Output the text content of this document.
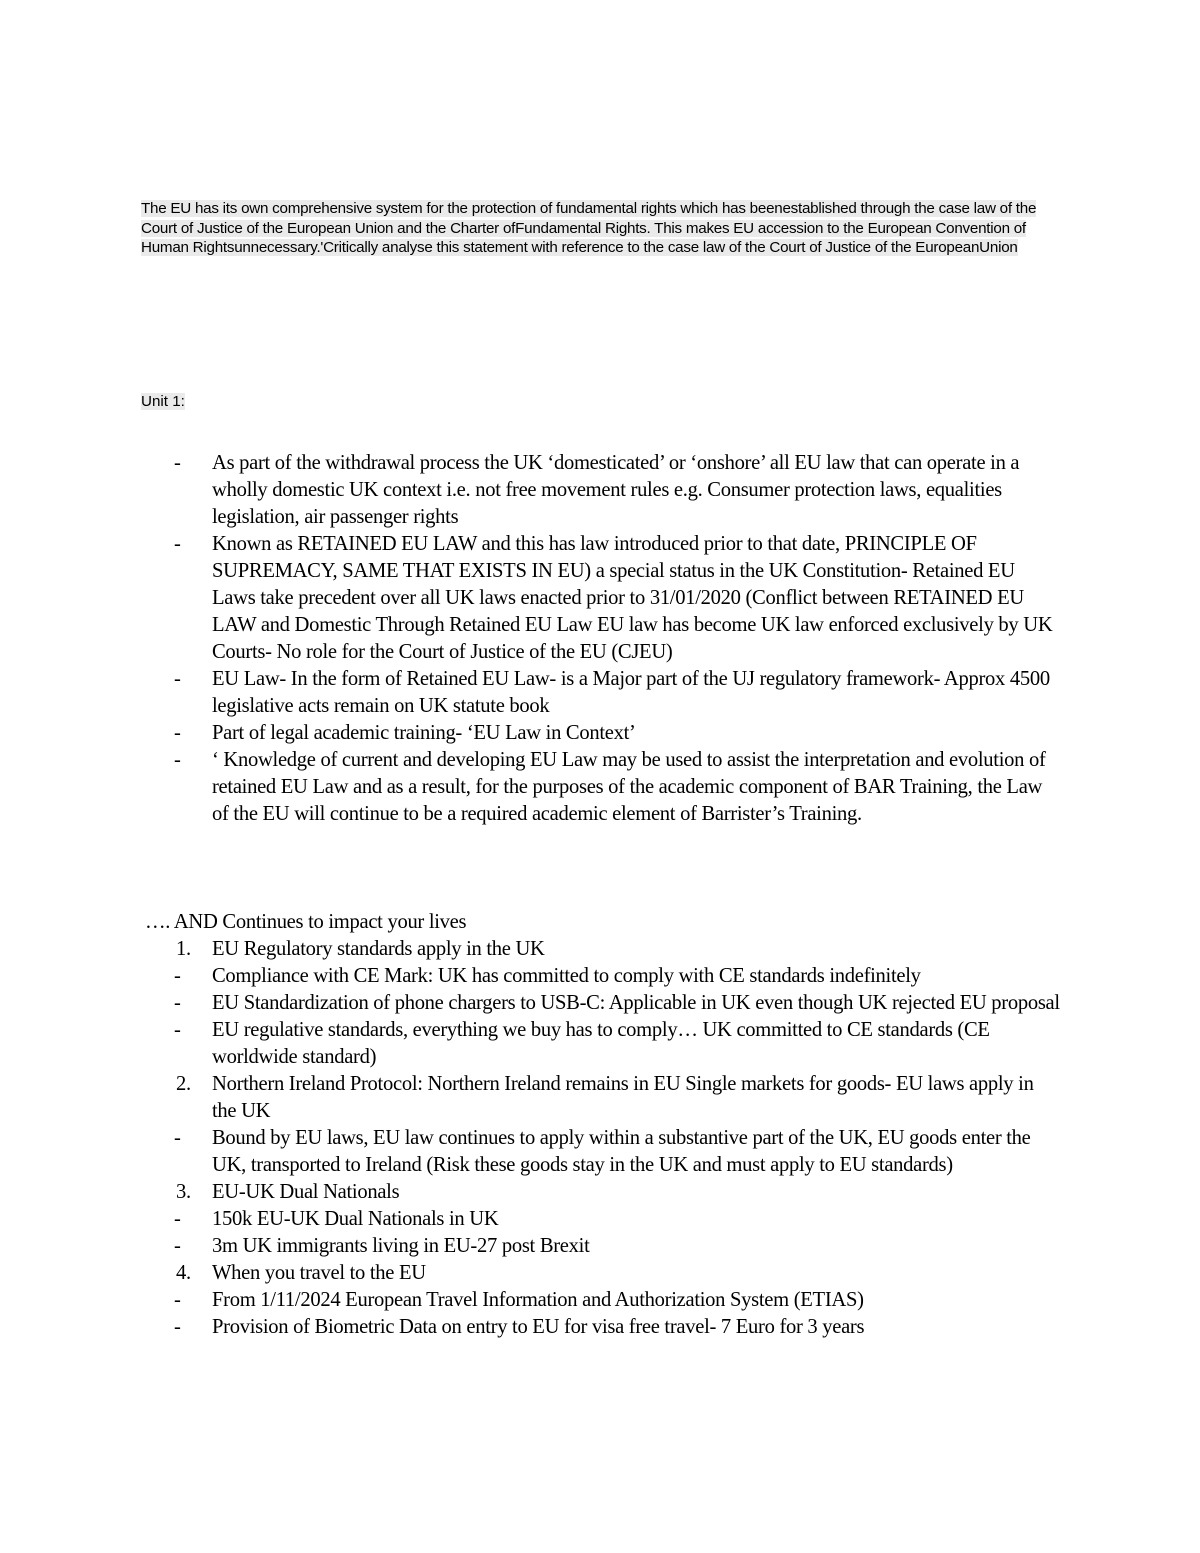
The EU has its own comprehensive system for the protection of fundamental rights which has beenestablished through the case law of the Court of Justice of the European Union and the Charter ofFundamental Rights. This makes EU accession to the European Convention of Human Rightsunnecessary.'Critically analyse this statement with reference to the case law of the Court of Justice of the EuropeanUnion
Unit 1:
-	As part of the withdrawal process the UK ‘domesticated’ or ‘onshore’ all EU law that can operate in a wholly domestic UK context i.e. not free movement rules e.g. Consumer protection laws, equalities legislation, air passenger rights
-	Known as RETAINED EU LAW and this has law introduced prior to that date, PRINCIPLE OF SUPREMACY, SAME THAT EXISTS IN EU) a special status in the UK Constitution- Retained EU Laws take precedent over all UK laws enacted prior to 31/01/2020 (Conflict between RETAINED EU LAW and Domestic Through Retained EU Law EU law has become UK law enforced exclusively by UK Courts- No role for the Court of Justice of the EU (CJEU)
-	EU Law- In the form of Retained EU Law- is a Major part of the UJ regulatory framework- Approx 4500 legislative acts remain on UK statute book
-	Part of legal academic training- ‘EU Law in Context’
-	‘ Knowledge of current and developing EU Law may be used to assist the interpretation and evolution of retained EU Law and as a result, for the purposes of the academic component of BAR Training, the Law of the EU will continue to be a required academic element of Barrister’s Training.
…. AND Continues to impact your lives
1.	EU Regulatory standards apply in the UK
-	Compliance with CE Mark: UK has committed to comply with CE standards indefinitely
-	EU Standardization of phone chargers to USB-C: Applicable in UK even though UK rejected EU proposal
-	EU regulative standards, everything we buy has to comply… UK committed to CE standards (CE worldwide standard)
2.	Northern Ireland Protocol: Northern Ireland remains in EU Single markets for goods- EU laws apply in the UK
-	Bound by EU laws, EU law continues to apply within a substantive part of the UK, EU goods enter the UK, transported to Ireland (Risk these goods stay in the UK and must apply to EU standards)
3.	EU-UK Dual Nationals
-	150k EU-UK Dual Nationals in UK
-	3m UK immigrants living in EU-27 post Brexit
4.	When you travel to the EU
-	From 1/11/2024 European Travel Information and Authorization System (ETIAS)
-	Provision of Biometric Data on entry to EU for visa free travel- 7 Euro for 3 years
